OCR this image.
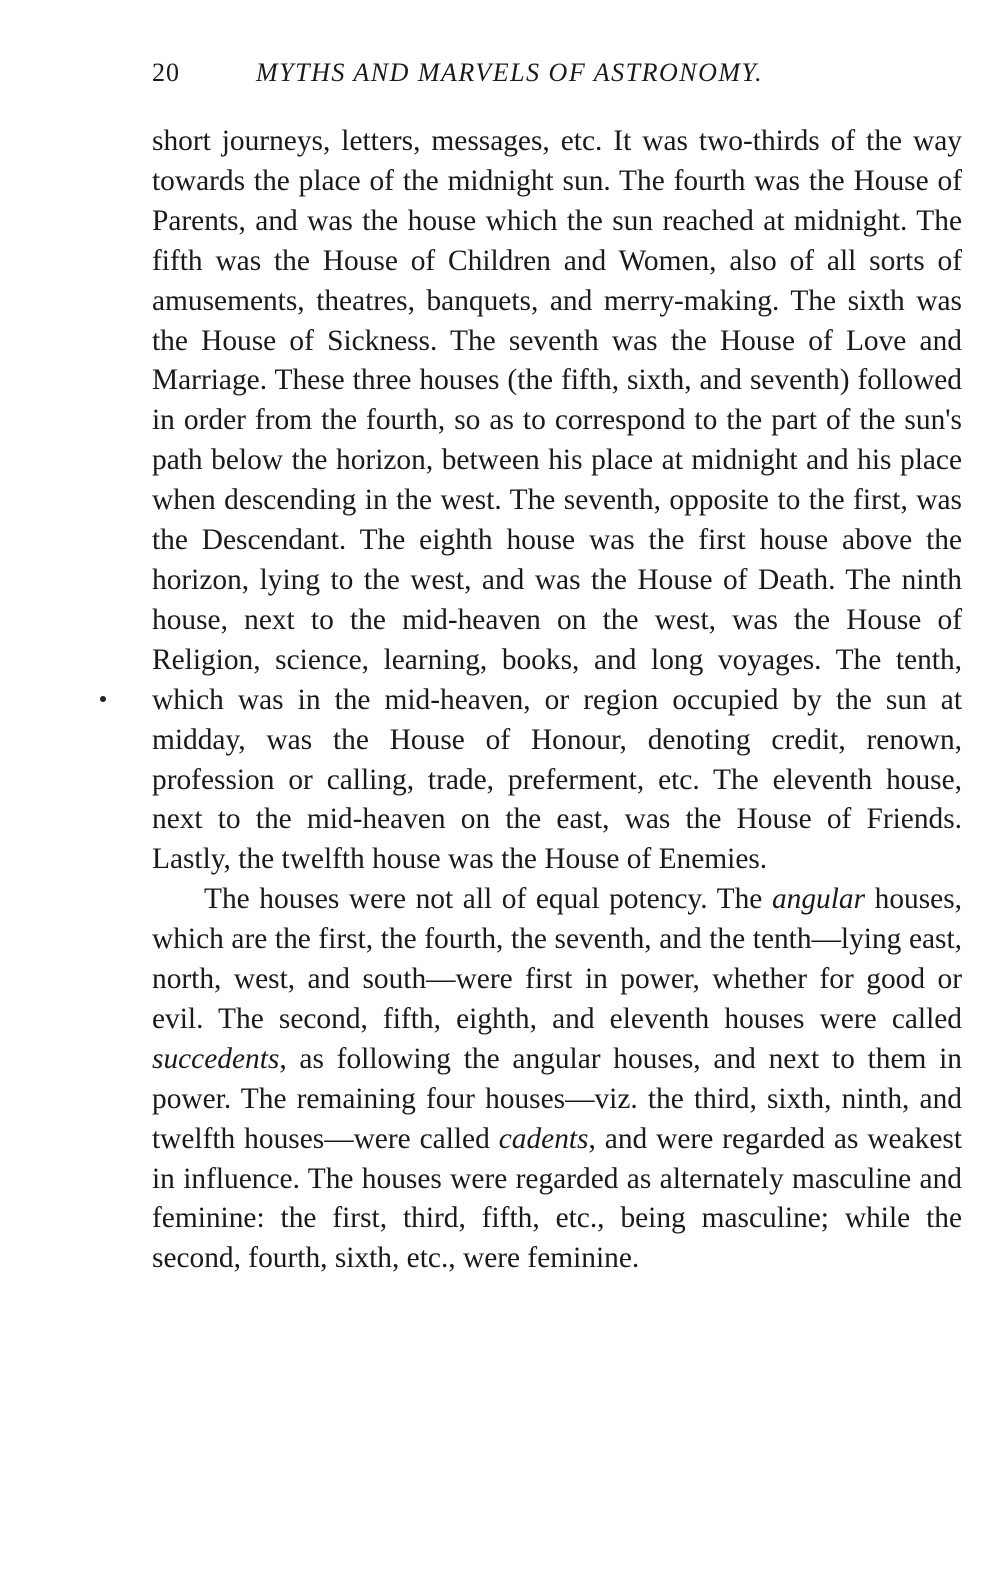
20	MYTHS AND MARVELS OF ASTRONOMY.

short journeys, letters, messages, etc. It was two-thirds of the way towards the place of the midnight sun. The fourth was the House of Parents, and was the house which the sun reached at midnight. The fifth was the House of Children and Women, also of all sorts of amusements, theatres, banquets, and merry-making. The sixth was the House of Sickness. The seventh was the House of Love and Marriage. These three houses (the fifth, sixth, and seventh) followed in order from the fourth, so as to correspond to the part of the sun's path below the horizon, between his place at midnight and his place when descending in the west. The seventh, opposite to the first, was the Descendant. The eighth house was the first house above the horizon, lying to the west, and was the House of Death. The ninth house, next to the mid-heaven on the west, was the House of Religion, science, learning, books, and long voyages. The tenth, which was in the mid-heaven, or region occupied by the sun at midday, was the House of Honour, denoting credit, renown, profession or calling, trade, preferment, etc. The eleventh house, next to the mid-heaven on the east, was the House of Friends. Lastly, the twelfth house was the House of Enemies.

The houses were not all of equal potency. The angular houses, which are the first, the fourth, the seventh, and the tenth—lying east, north, west, and south—were first in power, whether for good or evil. The second, fifth, eighth, and eleventh houses were called succedents, as following the angular houses, and next to them in power. The remaining four houses—viz. the third, sixth, ninth, and twelfth houses—were called cadents, and were regarded as weakest in influence. The houses were regarded as alternately masculine and feminine: the first, third, fifth, etc., being masculine; while the second, fourth, sixth, etc., were feminine.
